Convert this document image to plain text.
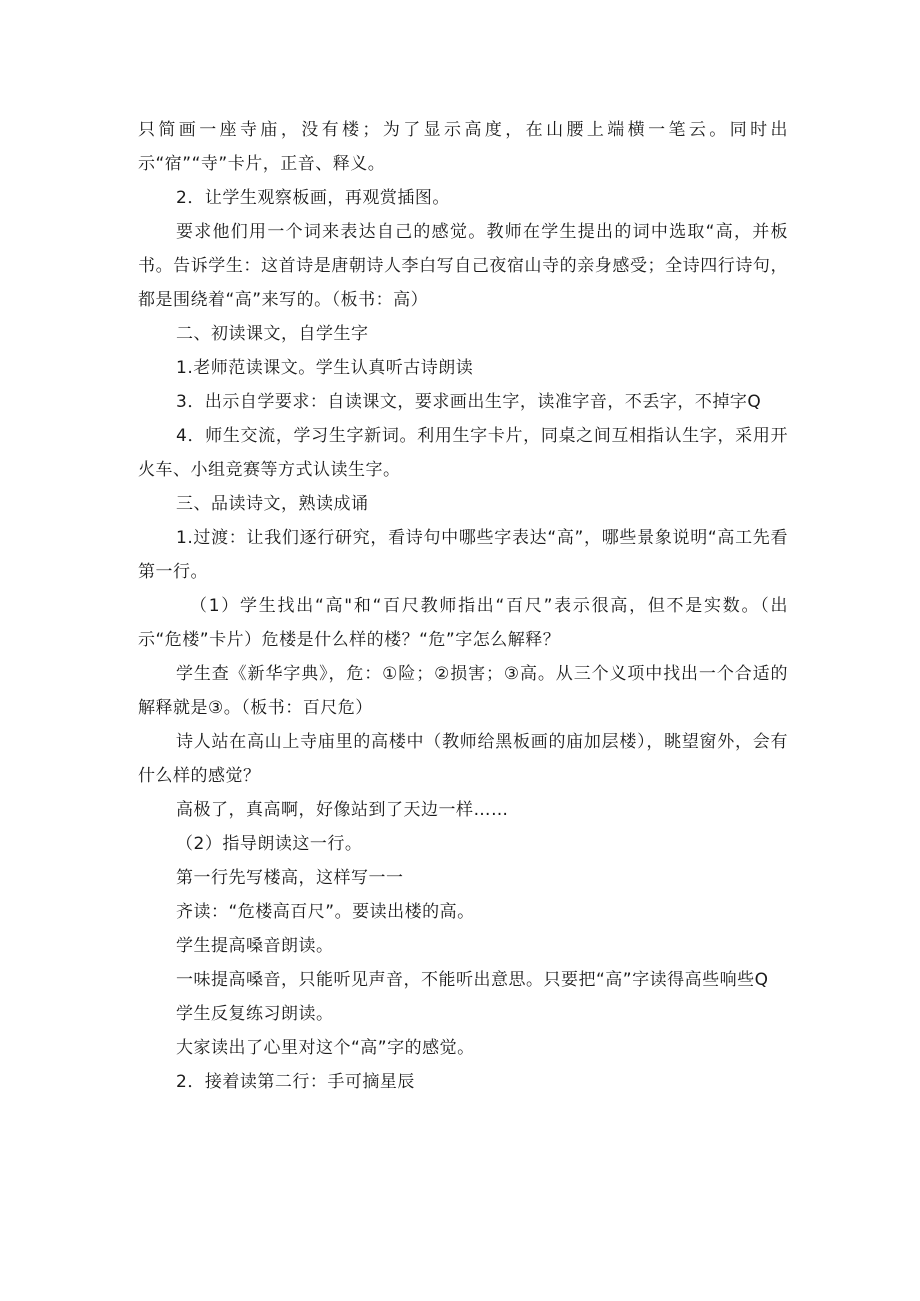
只简画一座寺庙，没有楼；为了显示高度，在山腰上端横一笔云。同时出示“宿”“寺”卡片，正音、释义。

2．让学生观察板画，再观赏插图。

要求他们用一个词来表达自己的感觉。教师在学生提出的词中选取“高，并板书。告诉学生：这首诗是唐朝诗人李白写自己夜宿山寺的亲身感受；全诗四行诗句，都是围绕着“高”来写的。（板书：高）

二、初读课文，自学生字

1.老师范读课文。学生认真听古诗朗读

3．出示自学要求：自读课文，要求画出生字，读准字音，不丢字，不掉字Q

4．师生交流，学习生字新词。利用生字卡片，同桌之间互相指认生字，采用开火车、小组竞赛等方式认读生字。

三、品读诗文，熟读成诵

1.过渡：让我们逐行研究，看诗句中哪些字表达“高”，哪些景象说明“高工先看第一行。

（1）学生找出“高"和“百尺教师指出“百尺”表示很高，但不是实数。（出示“危楼”卡片）危楼是什么样的楼？“危”字怎么解释？

学生查《新华字典》，危：①险；②损害；③高。从三个义项中找出一个合适的解释就是③。（板书：百尺危）

诗人站在高山上寺庙里的高楼中（教师给黑板画的庙加层楼），眺望窗外，会有什么样的感觉？

高极了，真高啊，好像站到了天边一样……

（2）指导朗读这一行。

第一行先写楼高，这样写一一

齐读：“危楼高百尺”。要读出楼的高。

学生提高嗓音朗读。

一味提高嗓音，只能听见声音，不能听出意思。只要把“高”字读得高些响些Q

学生反复练习朗读。

大家读出了心里对这个“高”字的感觉。

2．接着读第二行：手可摘星辰
